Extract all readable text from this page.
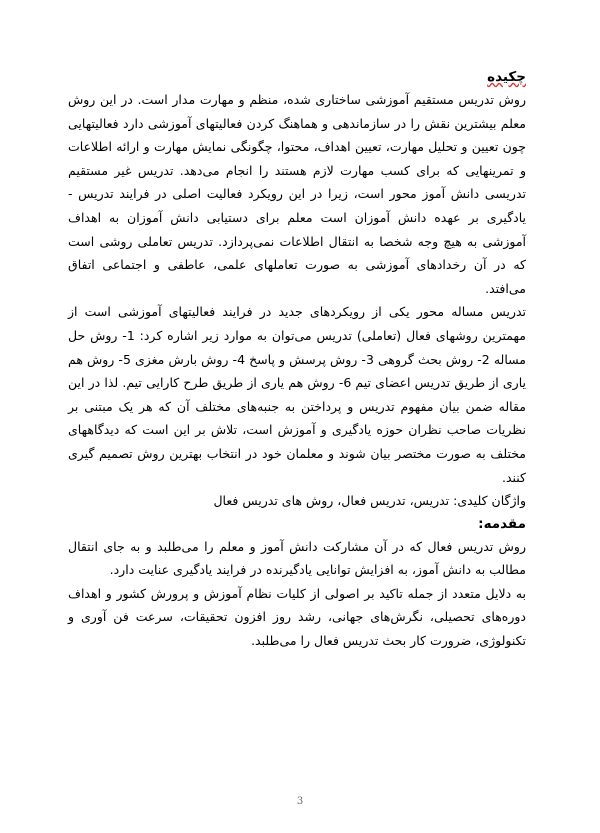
چکیده

روش تدریس مستقیم آموزشی ساختاری شده، منظم و مهارت مدار است. در این روش معلم بیشترین نقش را در سازماندهی و هماهنگ کردن فعالیتهای آموزشی دارد فعالیتهایی چون تعیین و تحلیل مهارت، تعیین اهداف، محتوا، چگونگی نمایش مهارت و ارائه اطلاعات و تمرینهایی که برای کسب مهارت لازم هستند را انجام می‌دهد. تدریس غیر مستقیم تدریسی دانش آموز محور است، زیرا در این رویکرد فعالیت اصلی در فرایند تدریس - یادگیری بر عهده دانش آموزان است معلم برای دستیابی دانش آموزان به اهداف آموزشی به هیچ وجه شخصا به انتقال اطلاعات نمی‌پردازد. تدریس تعاملی روشی است که در آن رخدادهای آموزشی به صورت تعاملهای علمی، عاطفی و اجتماعی اتفاق می‌افتد.

تدریس مساله محور یکی از رویکردهای جدید در فرایند فعالیتهای آموزشی است از مهمترین روشهای فعال (تعاملی) تدریس می‌توان به موارد زیر اشاره کرد: 1- روش حل مساله 2- روش بحث گروهی 3- روش پرسش و پاسخ 4- روش بارش مغزی 5- روش هم یاری از طریق تدریس اعضای تیم 6- روش هم یاری از طریق طرح کارایی تیم. لذا در این مقاله ضمن بیان مفهوم تدریس و پرداختن به جنبه‌های مختلف آن که هر یک مبتنی بر نظریات صاحب نظران حوزه یادگیری و آموزش است، تلاش بر این است که دیدگاههای مختلف به صورت مختصر بیان شوند و معلمان خود در انتخاب بهترین روش تصمیم گیری کنند.

واژگان کلیدی: تدریس، تدریس فعال، روش های تدریس فعال

مقدمه:

روش تدریس فعال که در آن مشارکت دانش آموز و معلم را می‌طلبد و به جای انتقال مطالب به دانش آموز، به افزایش توانایی یادگیرنده در فرایند یادگیری عنایت دارد.

به دلایل متعدد از جمله تاکید بر اصولی از کلیات نظام آموزش و پرورش کشور و اهداف دوره‌های تحصیلی، نگرش‌های جهانی، رشد روز افزون تحقیقات، سرعت فن آوری و تکنولوژی، ضرورت کار بحث تدریس فعال را می‌طلبد.

3
